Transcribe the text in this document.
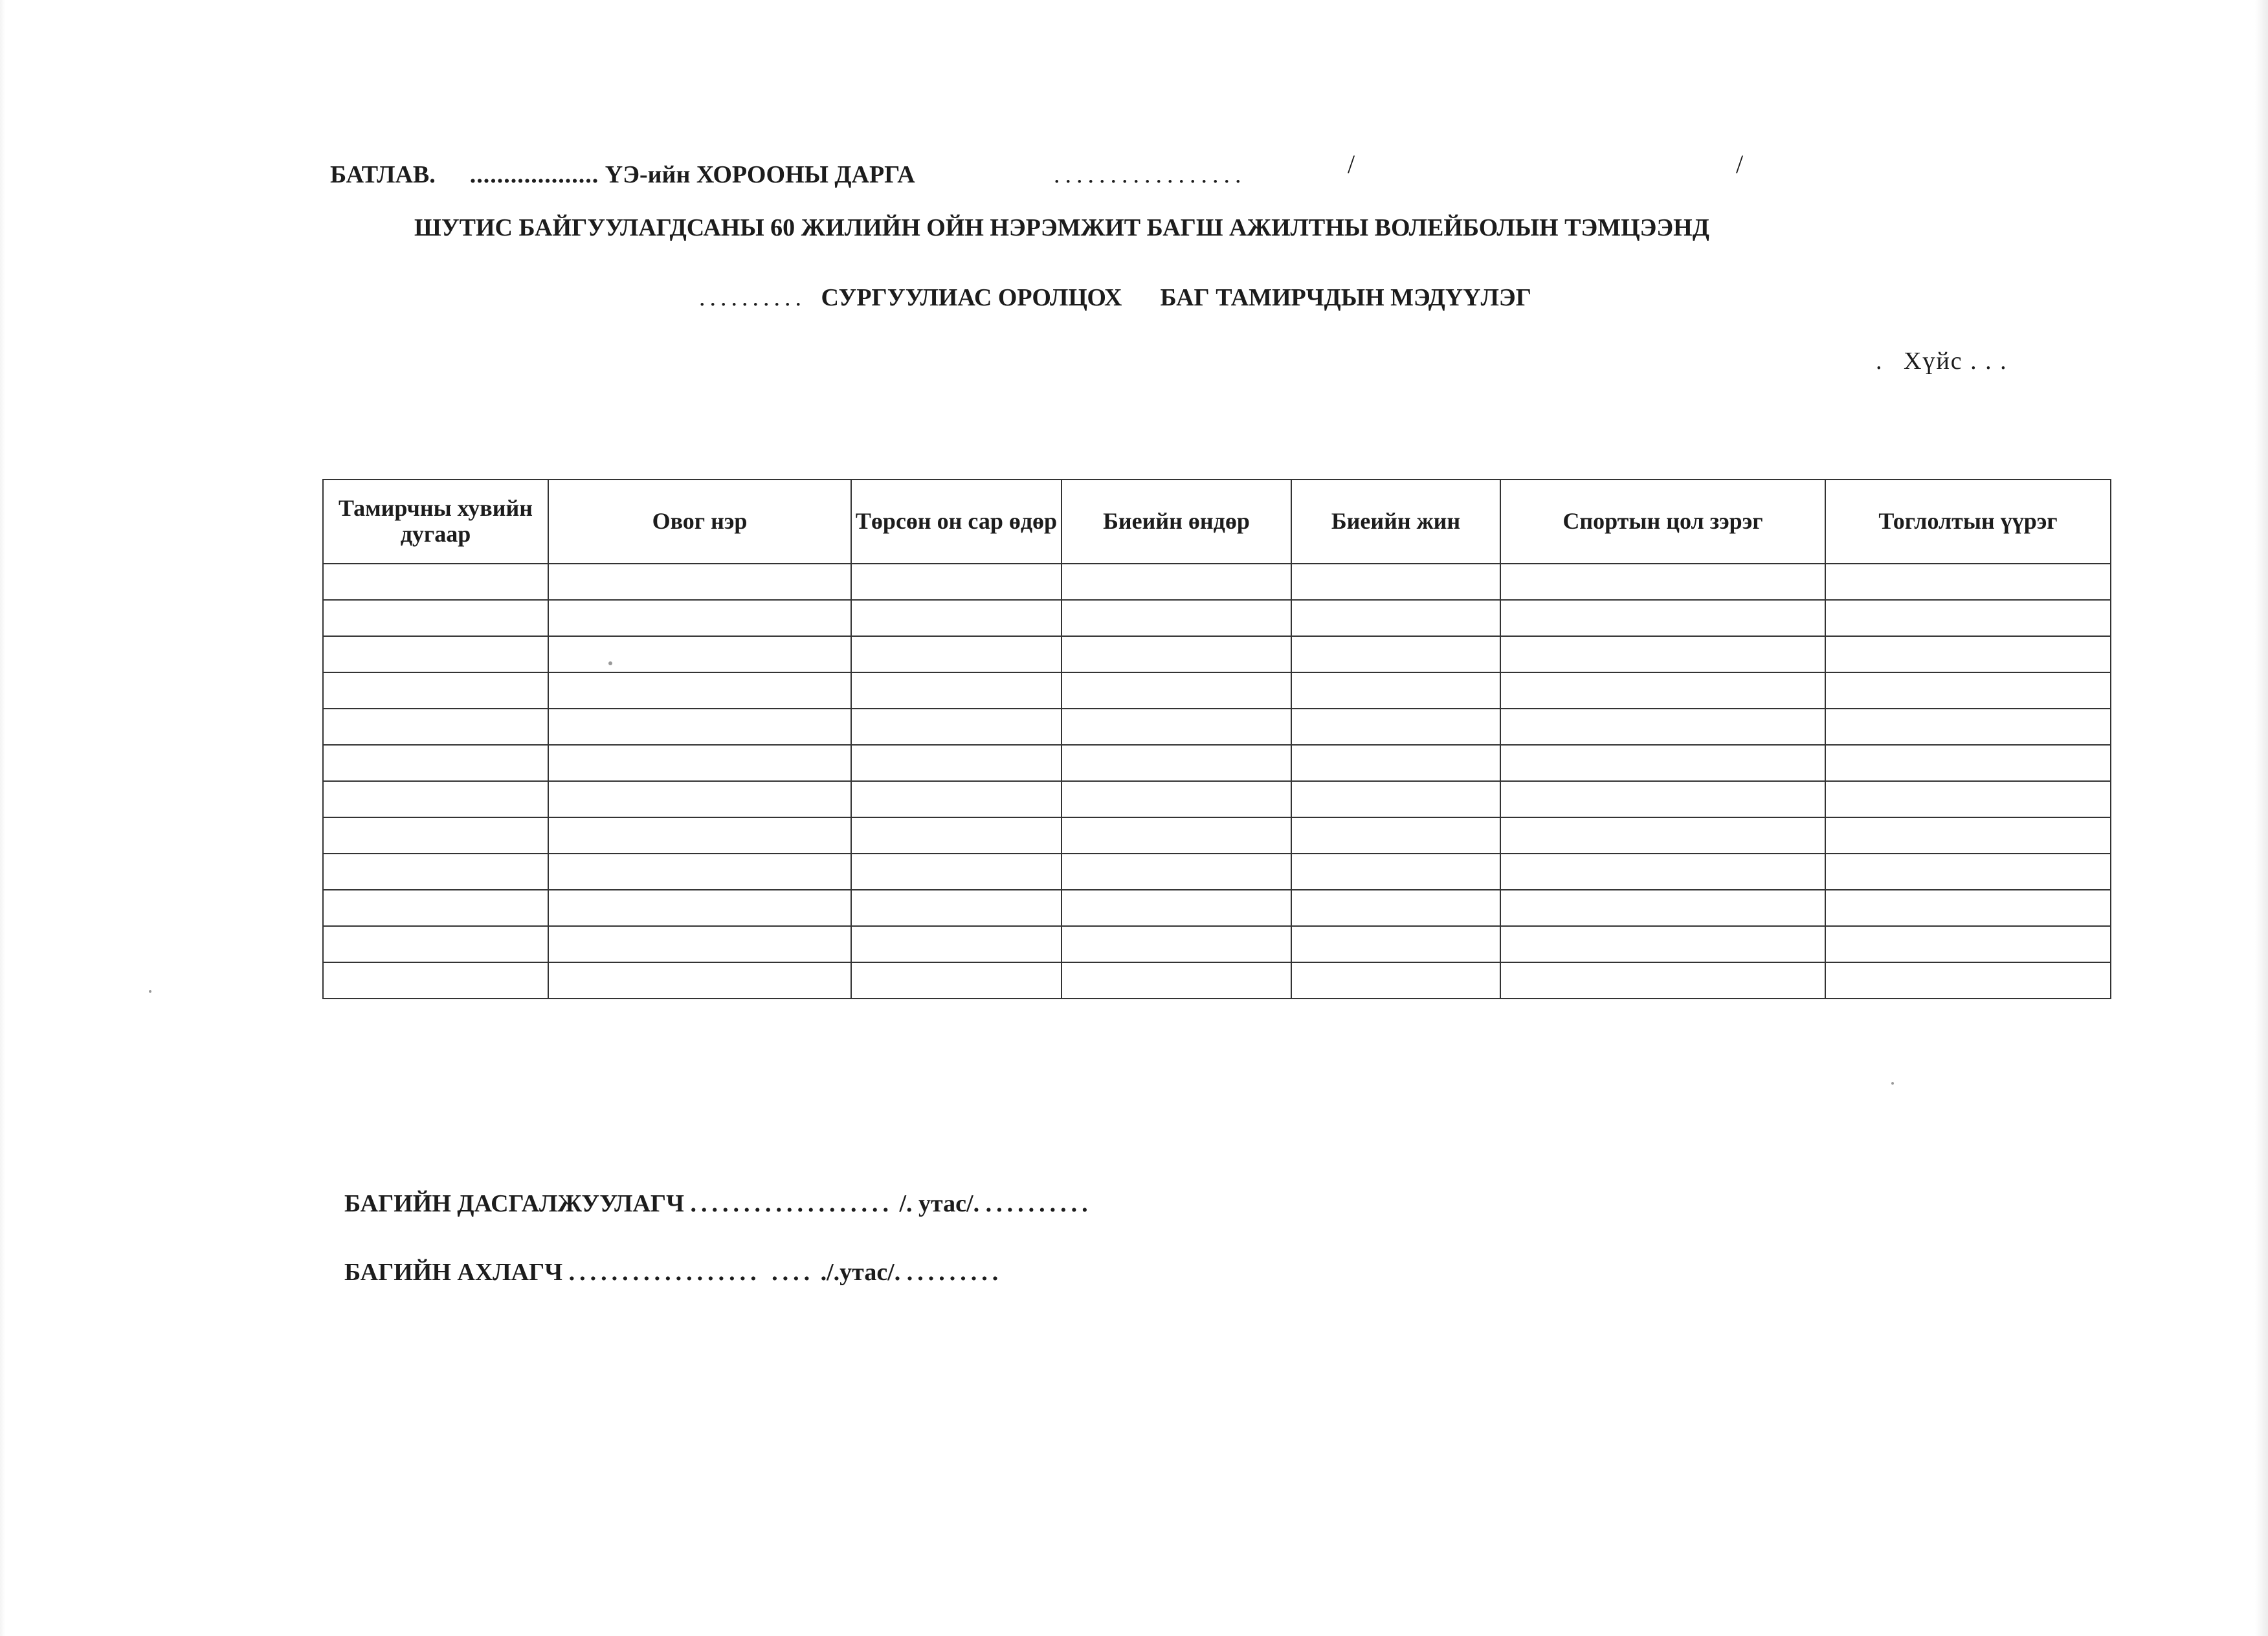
БАТЛАВ. ................... ҮЭ-ийн ХОРООНЫ ДАРГА	.................	/	/
ШУТИС БАЙГУУЛАГДСАНЫ 60 ЖИЛИЙН ОЙН НЭРЭМЖИТ БАГШ АЖИЛТНЫ ВОЛЕЙБОЛЫН ТЭМЦЭЭНД
.......... СУРГУУЛИАС ОРОЛЦОХ БАГ ТАМИРЧДЫН МЭДҮҮЛЭГ
. Хүйс . . .
Тамирчны хувийн дугаар	Овог нэр	Төрсөн он сар өдөр	Биеийн өндөр	Биеийн жин	Спортын цол зэрэг	Тоглолтын үүрэг

БАГИЙН ДАСГАЛЖУУЛАГЧ ................... /. утас/. ..........
БАГИЙН АХЛАГЧ .................. .... ./.утас/. .........
